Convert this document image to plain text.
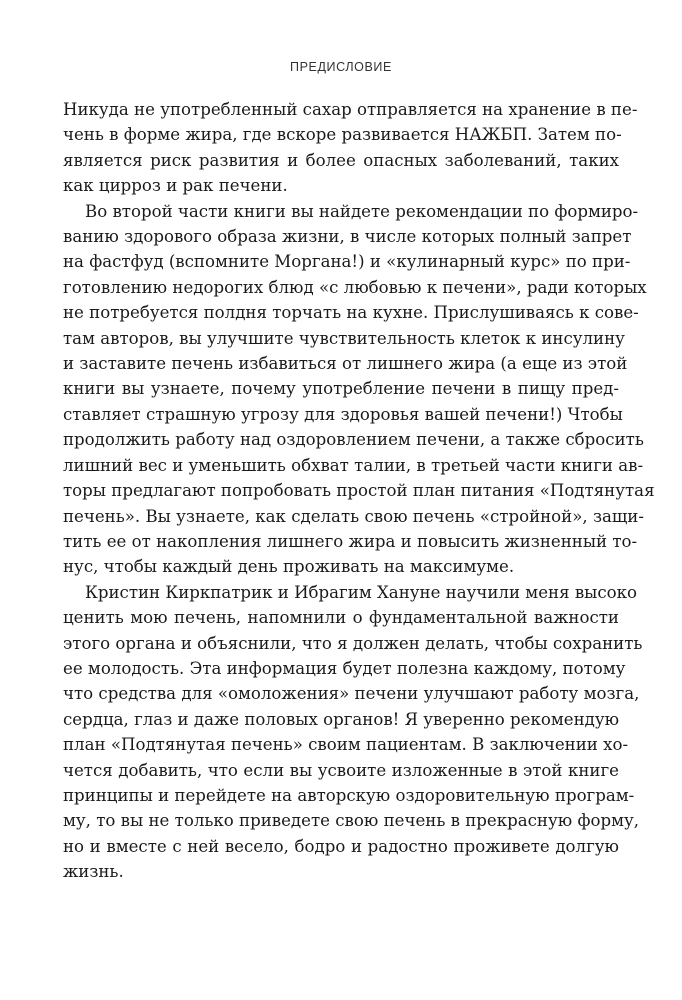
ПРЕДИСЛОВИЕ
Никуда не употребленный сахар отправляется на хранение в пе-
чень в форме жира, где вскоре развивается НАЖБП. Затем по-
является риск развития и более опасных заболеваний, таких
как цирроз и рак печени.
Во второй части книги вы найдете рекомендации по формиро-
ванию здорового образа жизни, в числе которых полный запрет
на фастфуд (вспомните Моргана!) и «кулинарный курс» по при-
готовлению недорогих блюд «с любовью к печени», ради которых
не потребуется полдня торчать на кухне. Прислушиваясь к сове-
там авторов, вы улучшите чувствительность клеток к инсулину
и заставите печень избавиться от лишнего жира (а еще из этой
книги вы узнаете, почему употребление печени в пищу пред-
ставляет страшную угрозу для здоровья вашей печени!) Чтобы
продолжить работу над оздоровлением печени, а также сбросить
лишний вес и уменьшить обхват талии, в третьей части книги ав-
торы предлагают попробовать простой план питания «Подтянутая
печень». Вы узнаете, как сделать свою печень «стройной», защи-
тить ее от накопления лишнего жира и повысить жизненный то-
нус, чтобы каждый день проживать на максимуме.
Кристин Киркпатрик и Ибрагим Хануне научили меня высоко
ценить мою печень, напомнили о фундаментальной важности
этого органа и объяснили, что я должен делать, чтобы сохранить
ее молодость. Эта информация будет полезна каждому, потому
что средства для «омоложения» печени улучшают работу мозга,
сердца, глаз и даже половых органов! Я уверенно рекомендую
план «Подтянутая печень» своим пациентам. В заключении хо-
чется добавить, что если вы усвоите изложенные в этой книге
принципы и перейдете на авторскую оздоровительную програм-
му, то вы не только приведете свою печень в прекрасную форму,
но и вместе с ней весело, бодро и радостно проживете долгую
жизнь.
